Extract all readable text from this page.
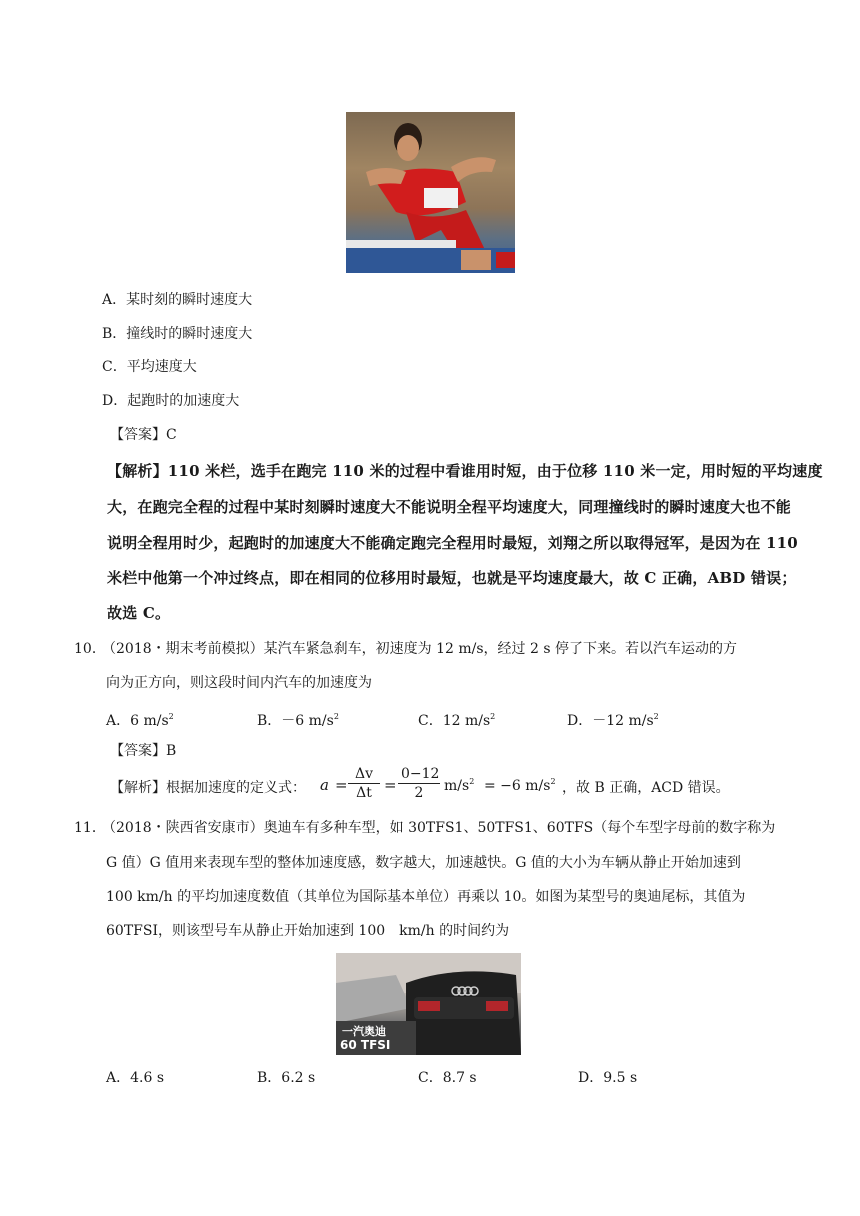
A．某时刻的瞬时速度大
B．撞线时的瞬时速度大
C．平均速度大
D．起跑时的加速度大
【答案】C
【解析】110 米栏，选手在跑完 110 米的过程中看谁用时短，由于位移 110 米一定，用时短的平均速度
大，在跑完全程的过程中某时刻瞬时速度大不能说明全程平均速度大，同理撞线时的瞬时速度大也不能
说明全程用时少，起跑时的加速度大不能确定跑完全程用时最短，刘翔之所以取得冠军，是因为在 110
米栏中他第一个冲过终点，即在相同的位移用时最短，也就是平均速度最大，故 C 正确，ABD 错误；
故选 C。
10．
（2018・期末考前模拟）某汽车紧急刹车，初速度为 12 m/s，经过 2 s 停了下来。若以汽车运动的方
向为正方向，则这段时间内汽车的加速度为
A．6 $m/s^2$	B．－6 $m/s^2$	C．12 $m/s^2$	D．－12 $m/s^2$
【答案】B
【解析】根据加速度的定义式： $a = \frac{\Delta v}{\Delta t} = \frac{0-12}{2} m/s^2 = -6$ $m/s^2$ ，故 B 正确，ACD 错误。
11．
（2018・陕西省安康市）奥迪车有多种车型，如 30TFS1、50TFS1、60TFS（每个车型字母前的数字称为
G 值）G 值用来表现车型的整体加速度感，数字越大，加速越快。G 值的大小为车辆从静止开始加速到
100 km/h 的平均加速度数值（其单位为国际基本单位）再乘以 10。如图为某型号的奥迪尾标，其值为
60TFSI，则该型号车从静止开始加速到 100　km/h 的时间约为
一汽奥迪
60 TFSI
A．4.6 s	B．6.2 s	C．8.7 s	D．9.5 s
